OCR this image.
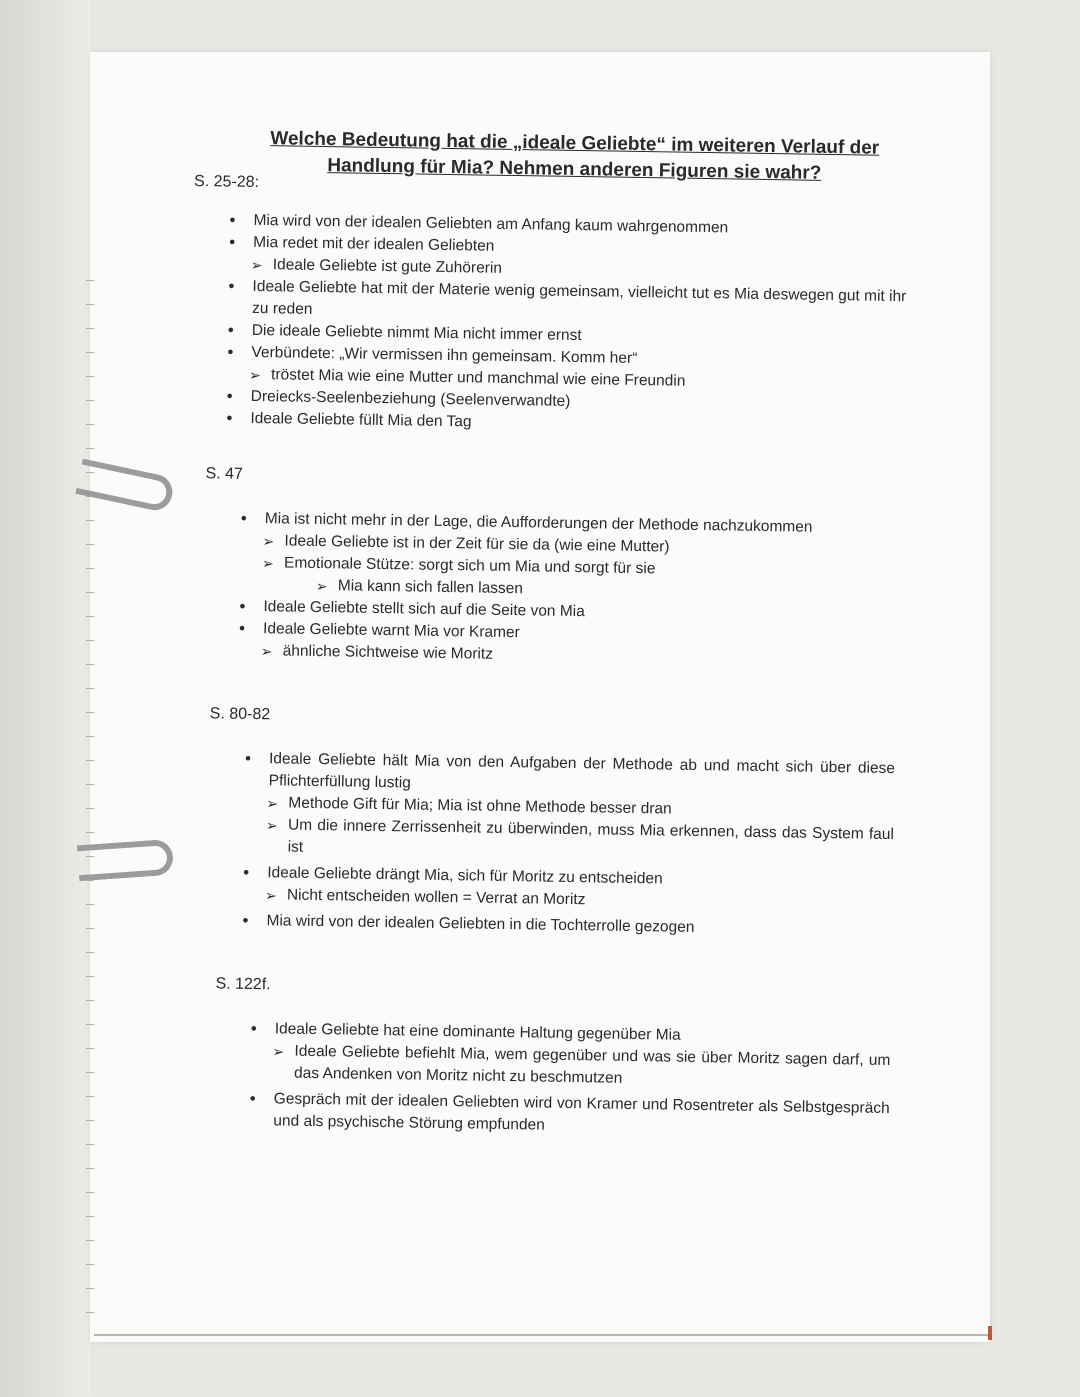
Welche Bedeutung hat die „ideale Geliebte“ im weiteren Verlauf der
Handlung für Mia? Nehmen anderen Figuren sie wahr?
S. 25-28:
• Mia wird von der idealen Geliebten am Anfang kaum wahrgenommen
• Mia redet mit der idealen Geliebten
➢ Ideale Geliebte ist gute Zuhörerin
• Ideale Geliebte hat mit der Materie wenig gemeinsam, vielleicht tut es Mia deswegen gut mit ihr zu reden
• Die ideale Geliebte nimmt Mia nicht immer ernst
• Verbündete: „Wir vermissen ihn gemeinsam. Komm her“
➢ tröstet Mia wie eine Mutter und manchmal wie eine Freundin
• Dreiecks-Seelenbeziehung (Seelenverwandte)
• Ideale Geliebte füllt Mia den Tag
S. 47
• Mia ist nicht mehr in der Lage, die Aufforderungen der Methode nachzukommen
➢ Ideale Geliebte ist in der Zeit für sie da (wie eine Mutter)
➢ Emotionale Stütze: sorgt sich um Mia und sorgt für sie
➢ Mia kann sich fallen lassen
• Ideale Geliebte stellt sich auf die Seite von Mia
• Ideale Geliebte warnt Mia vor Kramer
➢ ähnliche Sichtweise wie Moritz
S. 80-82
• Ideale Geliebte hält Mia von den Aufgaben der Methode ab und macht sich über diese Pflichterfüllung lustig
➢ Methode Gift für Mia; Mia ist ohne Methode besser dran
➢ Um die innere Zerrissenheit zu überwinden, muss Mia erkennen, dass das System faul ist
• Ideale Geliebte drängt Mia, sich für Moritz zu entscheiden
➢ Nicht entscheiden wollen = Verrat an Moritz
• Mia wird von der idealen Geliebten in die Tochterrolle gezogen
S. 122f.
• Ideale Geliebte hat eine dominante Haltung gegenüber Mia
➢ Ideale Geliebte befiehlt Mia, wem gegenüber und was sie über Moritz sagen darf, um das Andenken von Moritz nicht zu beschmutzen
• Gespräch mit der idealen Geliebten wird von Kramer und Rosentreter als Selbstgespräch und als psychische Störung empfunden
